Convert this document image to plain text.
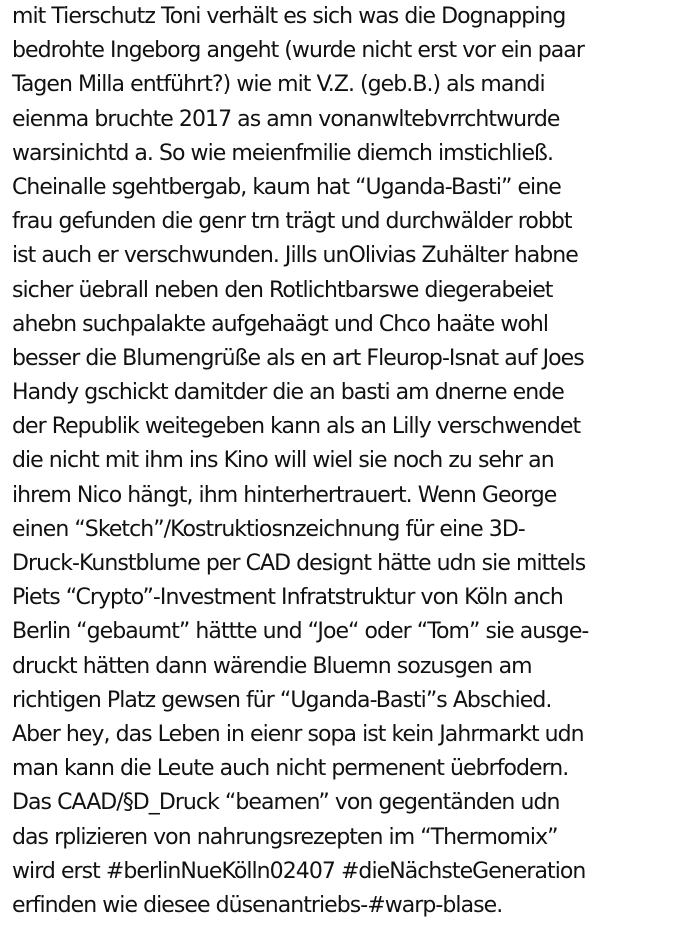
mit Tierschutz Toni verhält es sich was die Dognapping
bedrohte Ingeborg angeht (wurde nicht erst vor ein paar
Tagen Milla entführt?) wie mit V.Z. (geb.B.) als mandi
eienma bruchte 2017 as amn vonanwltebvrrchtwurde
warsinichtd a. So wie meienfmilie diemch imstichließ.
Cheinalle sgehtbergab, kaum hat “Uganda-Basti” eine
frau gefunden die genr trn trägt und durchwälder robbt
ist auch er verschwunden. Jills unOlivias Zuhälter habne
sicher üebrall neben den Rotlichtbarswe diegerabeiet
ahebn suchpalakte aufgehaägt und Chco haäte wohl
besser die Blumengrüße als en art Fleurop-Isnat auf Joes
Handy gschickt damitder die an basti am dnerne ende
der Republik weitegeben kann als an Lilly verschwendet
die nicht mit ihm ins Kino will wiel sie noch zu sehr an
ihrem Nico hängt, ihm hinterhertrauert. Wenn George
einen “Sketch”/Kostruktiosnzeichnung für eine 3D-
Druck-Kunstblume per CAD designt hätte udn sie mittels
Piets “Crypto”-Investment Infratstruktur von Köln anch
Berlin “gebaumt” hättte und “Joe“ oder “Tom” sie ausge-
druckt hätten dann wärendie Bluemn sozusgen am
richtigen Platz gewsen für “Uganda-Basti”s Abschied.
Aber hey, das Leben in eienr sopa ist kein Jahrmarkt udn
man kann die Leute auch nicht permenent üebrfodern.
Das CAAD/§D_Druck “beamen” von gegentänden udn
das rplizieren von nahrungsrezepten im “Thermomix”
wird erst #berlinNueKölln02407 #dieNächsteGeneration
erfinden wie diesee düsenantriebs-#warp-blase.
